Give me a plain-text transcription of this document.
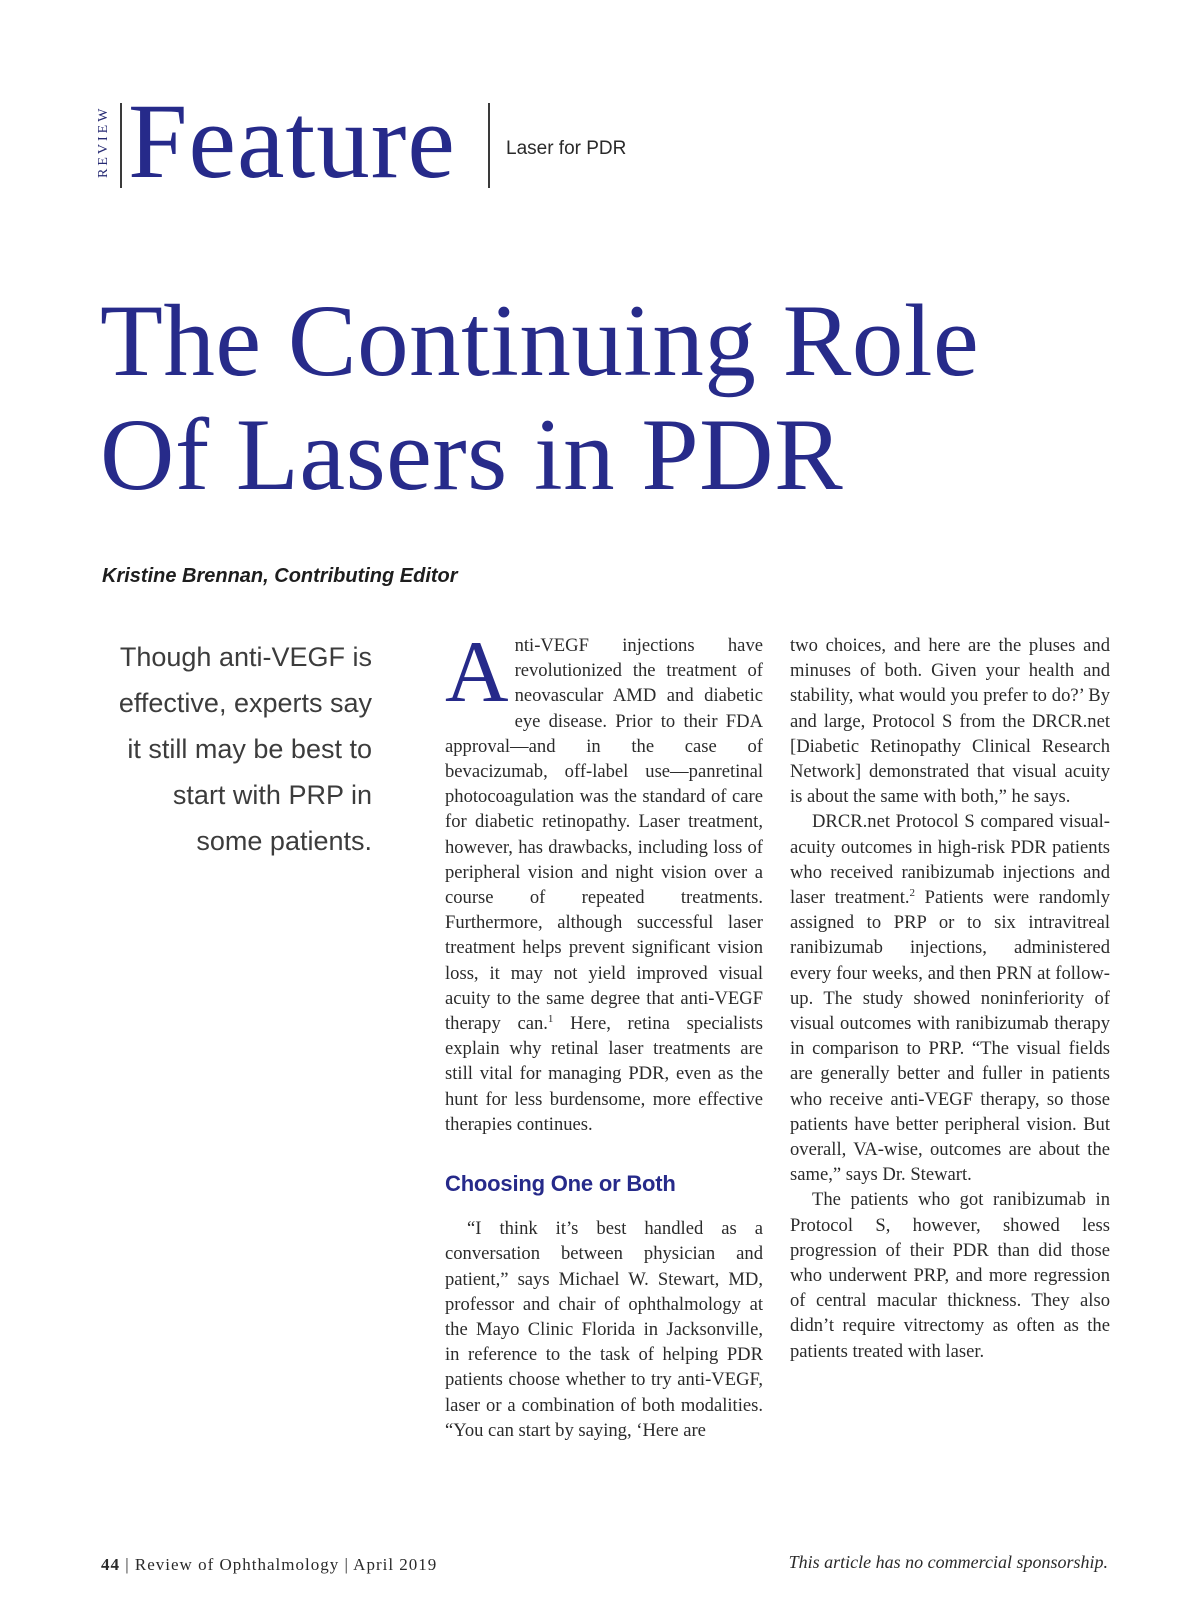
REVIEW Feature	Laser for PDR
The Continuing Role
Of Lasers in PDR
Kristine Brennan, Contributing Editor
Though anti-VEGF is effective, experts say it still may be best to start with PRP in some patients.

Anti-VEGF injections have revolutionized the treatment of neovascular AMD and diabetic eye disease. Prior to their FDA approval—and in the case of bevacizumab, off-label use—panretinal photocoagulation was the standard of care for diabetic retinopathy. Laser treatment, however, has drawbacks, including loss of peripheral vision and night vision over a course of repeated treatments. Furthermore, although successful laser treatment helps prevent significant vision loss, it may not yield improved visual acuity to the same degree that anti-VEGF therapy can.$^1$ Here, retina specialists explain why retinal laser treatments are still vital for managing PDR, even as the hunt for less burdensome, more effective therapies continues.

Choosing One or Both

“I think it’s best handled as a conversation between physician and patient,” says Michael W. Stewart, MD, professor and chair of ophthalmology at the Mayo Clinic Florida in Jacksonville, in reference to the task of helping PDR patients choose whether to try anti-VEGF, laser or a combination of both modalities. “You can start by saying, ‘Here are

two choices, and here are the pluses and minuses of both. Given your health and stability, what would you prefer to do?’ By and large, Protocol S from the DRCR.net [Diabetic Retinopathy Clinical Research Network] demonstrated that visual acuity is about the same with both,” he says.

DRCR.net Protocol S compared visual-acuity outcomes in high-risk PDR patients who received ranibizumab injections and laser treatment.$^2$ Patients were randomly assigned to PRP or to six intravitreal ranibizumab injections, administered every four weeks, and then PRN at follow-up. The study showed noninferiority of visual outcomes with ranibizumab therapy in comparison to PRP. “The visual fields are generally better and fuller in patients who receive anti-VEGF therapy, so those patients have better peripheral vision. But overall, VA-wise, outcomes are about the same,” says Dr. Stewart.

The patients who got ranibizumab in Protocol S, however, showed less progression of their PDR than did those who underwent PRP, and more regression of central macular thickness. They also didn’t require vitrectomy as often as the patients treated with laser.

44 | Review of Ophthalmology | April 2019	This article has no commercial sponsorship.
